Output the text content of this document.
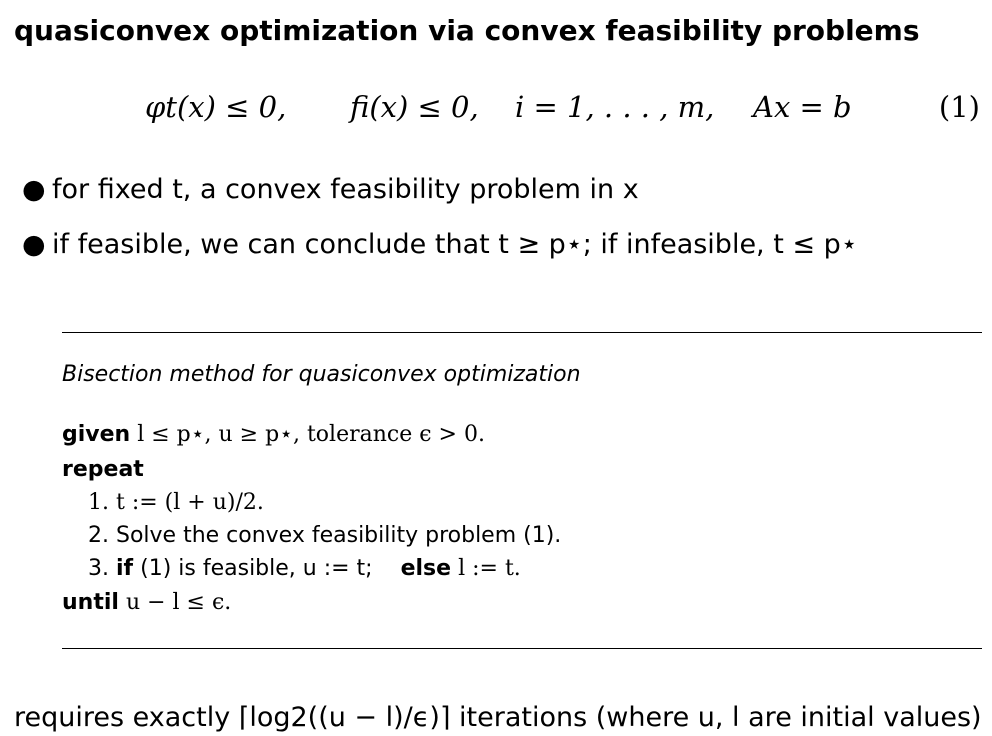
quasiconvex optimization via convex feasibility problems
φt(x) ≤ 0, fi(x) ≤ 0, i = 1, . . . , m, Ax = b	(1)
● for fixed t, a convex feasibility problem in x
● if feasible, we can conclude that t ≥ p⋆; if infeasible, t ≤ p⋆
Bisection method for quasiconvex optimization
given l ≤ p⋆, u ≥ p⋆, tolerance ϵ > 0.
repeat
1. t := (l + u)/2.
2. Solve the convex feasibility problem (1).
3. if (1) is feasible, u := t; else l := t.
until u − l ≤ ϵ.
requires exactly ⌈log2((u − l)/ϵ)⌉ iterations (where u, l are initial values)
